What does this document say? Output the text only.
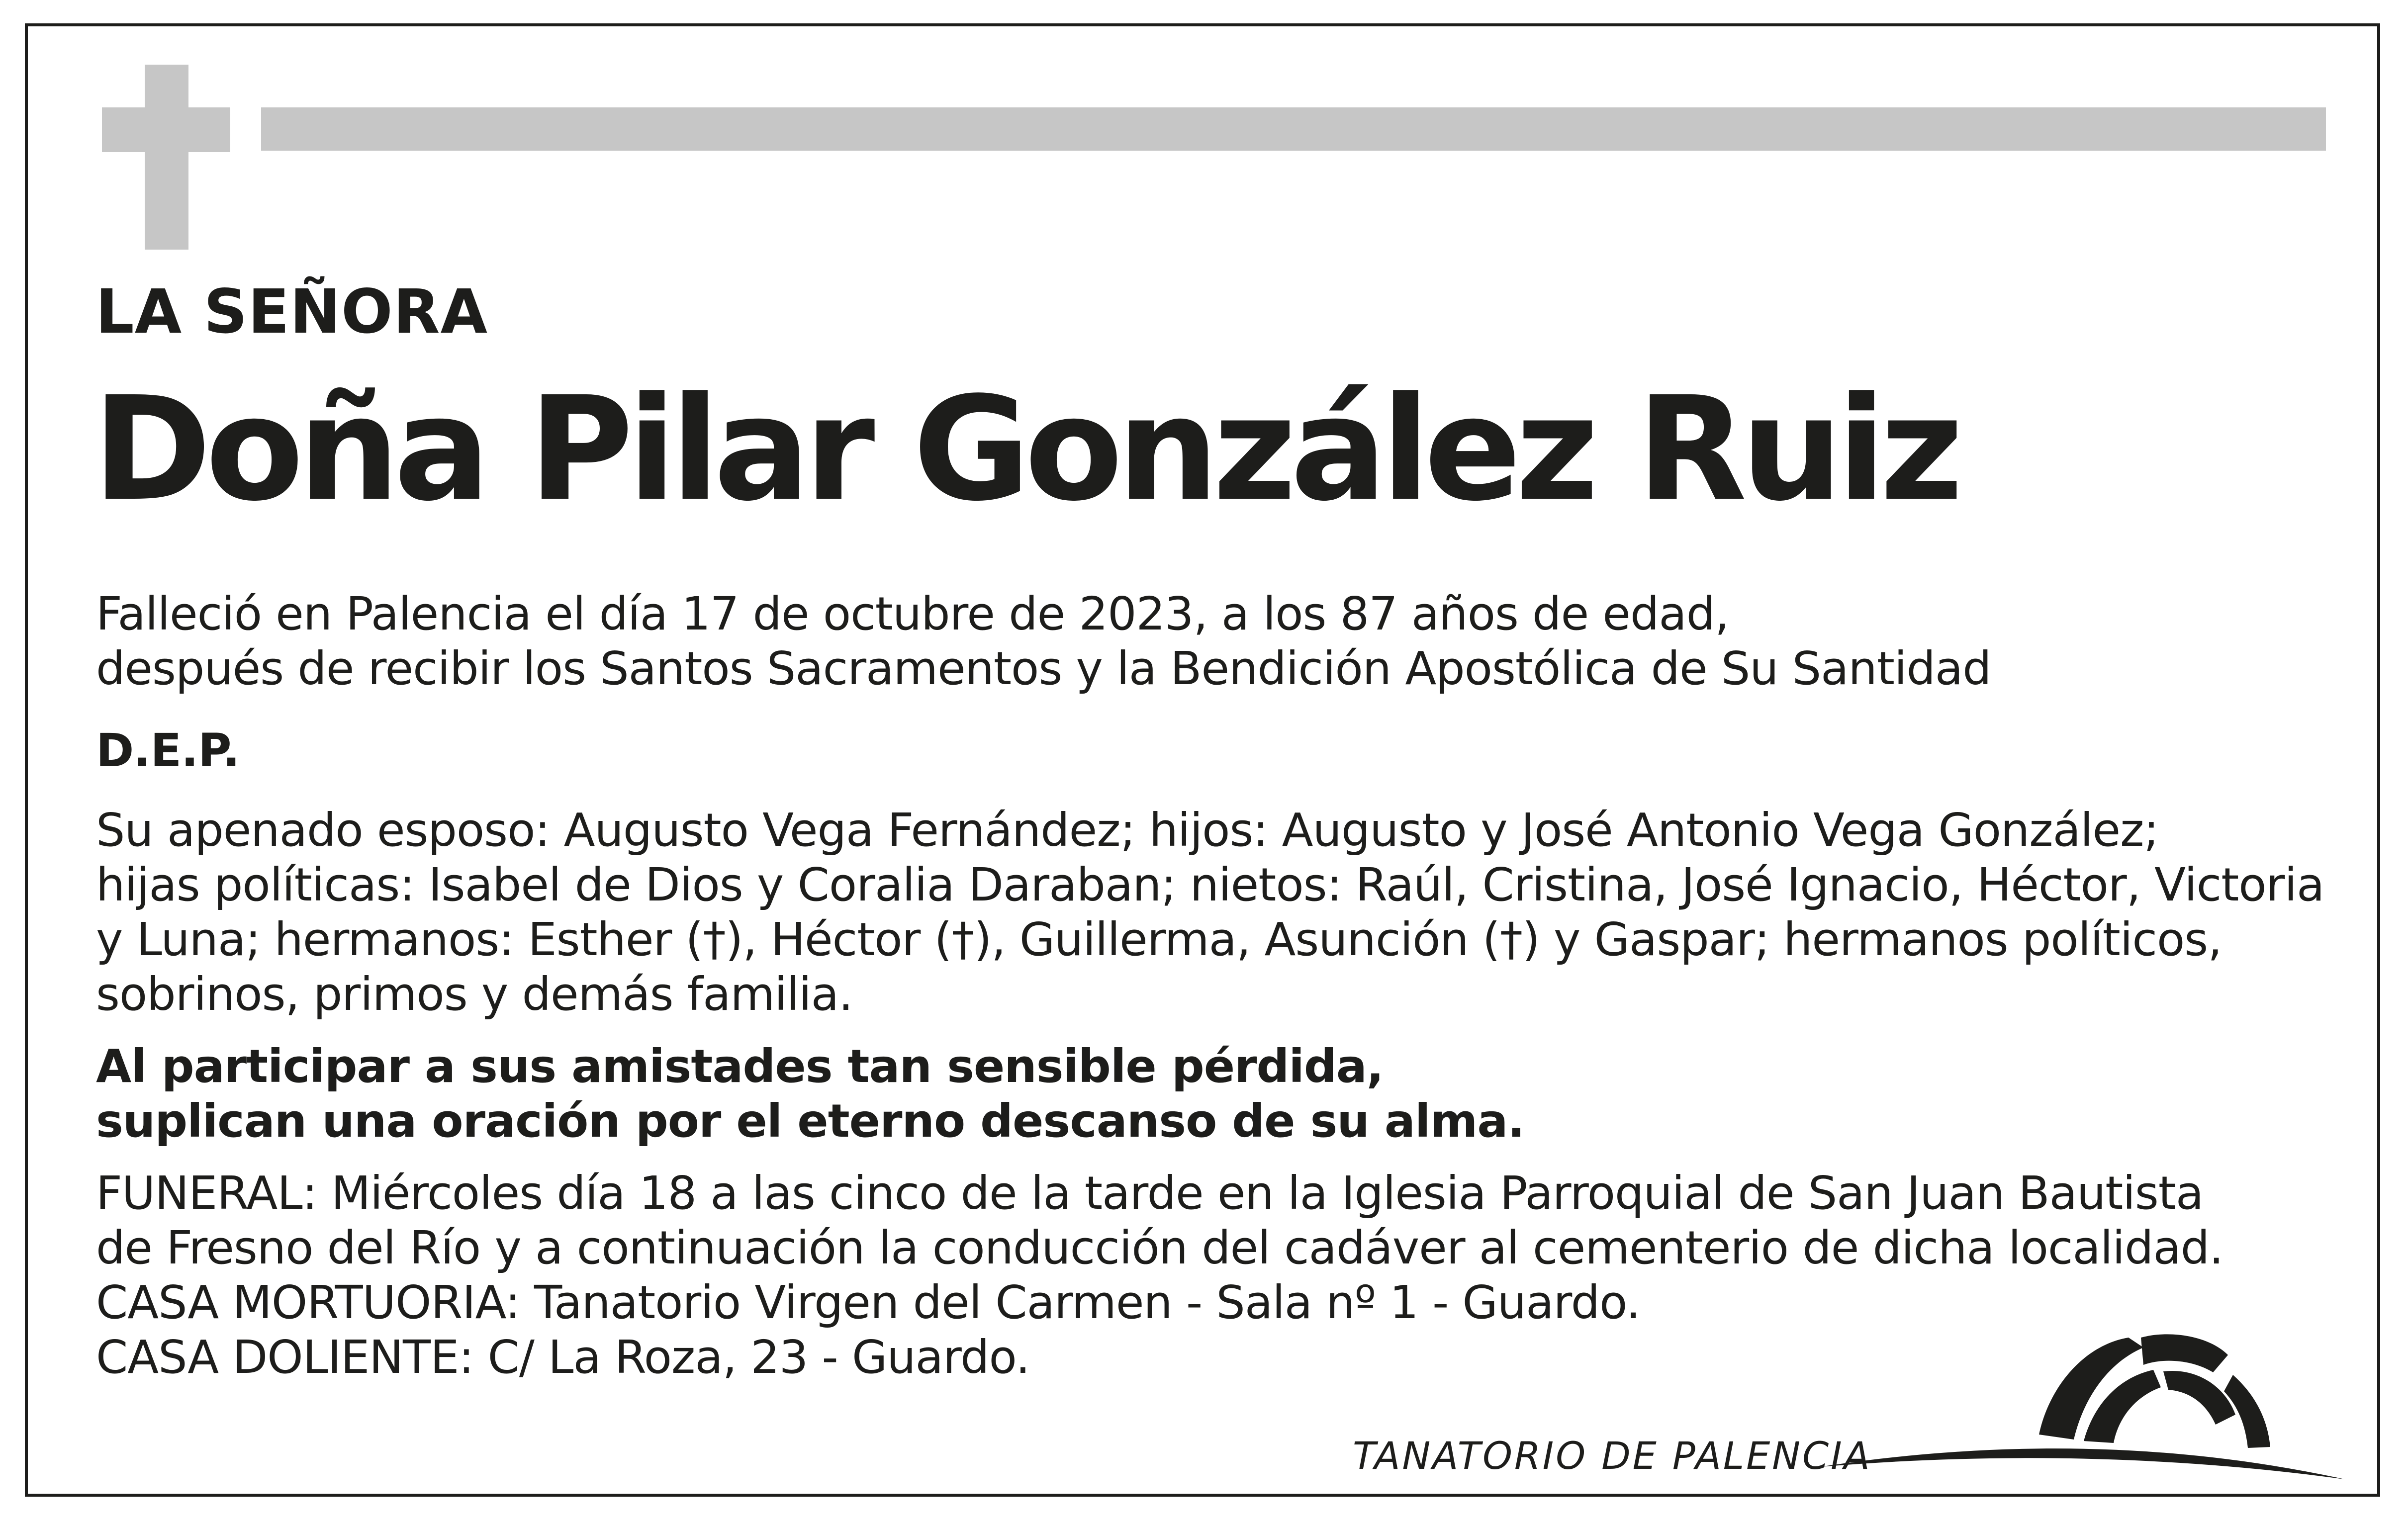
LA SEÑORA
Doña Pilar González Ruiz
Falleció en Palencia el día 17 de octubre de 2023, a los 87 años de edad,
después de recibir los Santos Sacramentos y la Bendición Apostólica de Su Santidad
D.E.P.
Su apenado esposo: Augusto Vega Fernández; hijos: Augusto y José Antonio Vega González;
hijas políticas: Isabel de Dios y Coralia Daraban; nietos: Raúl, Cristina, José Ignacio, Héctor, Victoria
y Luna; hermanos: Esther (†), Héctor (†), Guillerma, Asunción (†) y Gaspar; hermanos políticos,
sobrinos, primos y demás familia.
Al participar a sus amistades tan sensible pérdida,
suplican una oración por el eterno descanso de su alma.
FUNERAL: Miércoles día 18 a las cinco de la tarde en la Iglesia Parroquial de San Juan Bautista
de Fresno del Río y a continuación la conducción del cadáver al cementerio de dicha localidad.
CASA MORTUORIA: Tanatorio Virgen del Carmen - Sala nº 1 - Guardo.
CASA DOLIENTE: C/ La Roza, 23 - Guardo.
TANATORIO DE PALENCIA
